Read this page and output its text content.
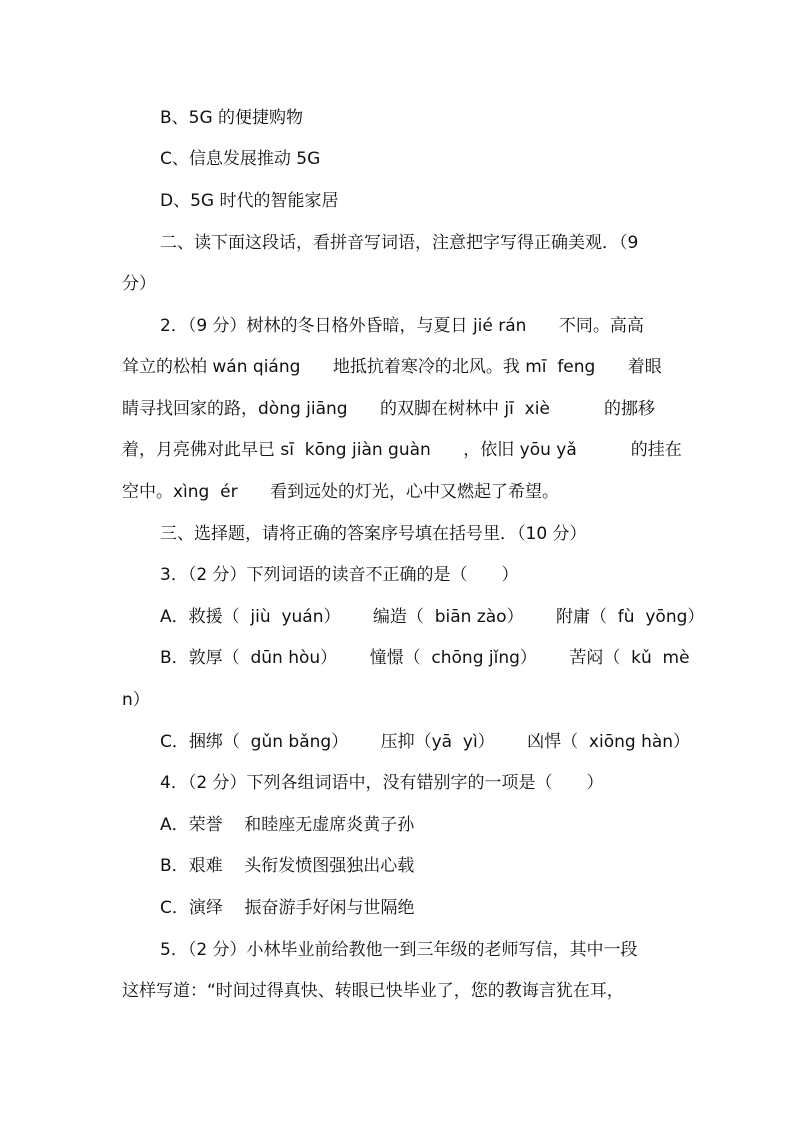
B、5G 的便捷购物
C、信息发展推动 5G
D、5G 时代的智能家居
二、读下面这段话，看拼音写词语，注意把字写得正确美观．（9
分）
2．（9 分）树林的冬日格外昏暗，与夏日 jié rán      不同。高高
耸立的松柏 wán qiáng      地抵抗着寒冷的北风。我 mī  feng      着眼
睛寻找回家的路，dòng jiāng      的双脚在树林中 jī  xiè          的挪移
着，月亮佛对此早已 sī  kōng jiàn guàn      ，依旧 yōu yǎ          的挂在
空中。xìng  ér      看到远处的灯光，心中又燃起了希望。
三、选择题，请将正确的答案序号填在括号里．（10 分）
3．（2 分）下列词语的读音不正确的是（　　）
A．救援（  jiù  yuán）      编造（  biān zào）      附庸（  fù  yōng）
B．敦厚（  dūn hòu）      憧憬（  chōng jǐng）      苦闷（  kǔ  mè
n）
C．捆绑（  gǔn bǎng）      压抑（yā  yì）      凶悍（  xiōng hàn）
4．（2 分）下列各组词语中，没有错别字的一项是（　　）
A．荣誉    和睦座无虚席炎黄子孙
B．艰难    头衔发愤图强独出心载
C．演绎    振奋游手好闲与世隔绝
5．（2 分）小林毕业前给教他一到三年级的老师写信，其中一段
这样写道：“时间过得真快、转眼已快毕业了，您的教诲言犹在耳，
